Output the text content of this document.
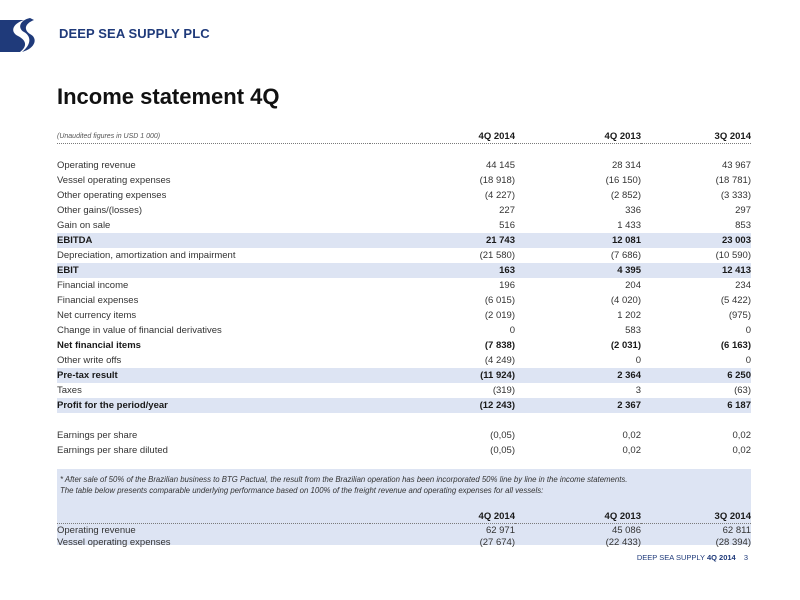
DEEP SEA SUPPLY PLC
Income statement 4Q
(Unaudited figures in USD 1 000)	4Q 2014	4Q 2013	3Q 2014

Operating revenue	44 145	28 314	43 967
Vessel operating expenses	(18 918)	(16 150)	(18 781)
Other operating expenses	(4 227)	(2 852)	(3 333)
Other gains/(losses)	227	336	297
Gain on sale	516	1 433	853
EBITDA	21 743	12 081	23 003
Depreciation, amortization and impairment	(21 580)	(7 686)	(10 590)
EBIT	163	4 395	12 413
Financial income	196	204	234
Financial expenses	(6 015)	(4 020)	(5 422)
Net currency items	(2 019)	1 202	(975)
Change in value of financial derivatives	0	583	0
Net financial items	(7 838)	(2 031)	(6 163)
Other write offs	(4 249)	0	0
Pre-tax result	(11 924)	2 364	6 250
Taxes	(319)	3	(63)
Profit for the period/year	(12 243)	2 367	6 187

Earnings per share	(0,05)	0,02	0,02
Earnings per share diluted	(0,05)	0,02	0,02
* After sale of 50% of the Brazilian business to BTG Pactual, the result from the Brazilian operation has been incorporated 50% line by line in the income statements.
The table below presents comparable underlying performance based on 100% of the freight revenue and operating expenses for all vessels:
	4Q 2014	4Q 2013	3Q 2014
Operating revenue	62 971	45 086	62 811
Vessel operating expenses	(27 674)	(22 433)	(28 394)
DEEP SEA SUPPLY 4Q 2014 3
